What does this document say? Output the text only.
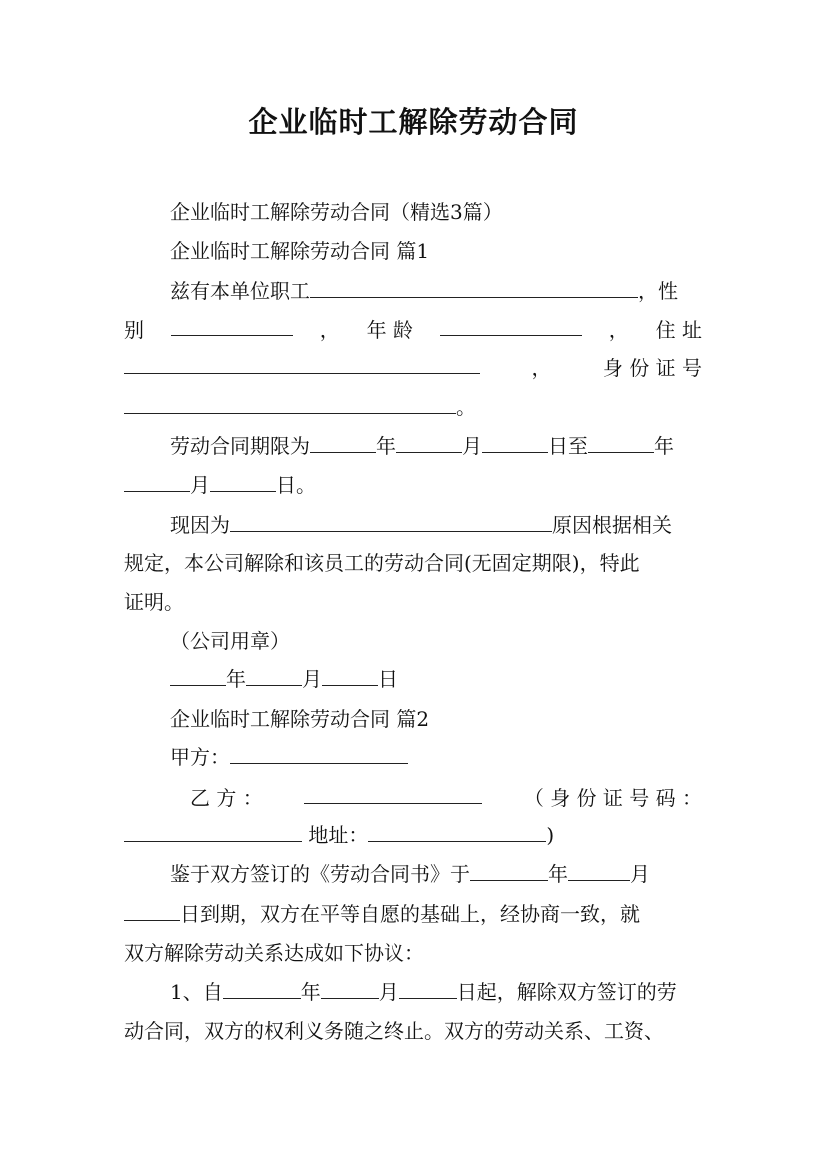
企业临时工解除劳动合同
企业临时工解除劳动合同（精选3篇）
企业临时工解除劳动合同 篇1
兹有本单位职工	，性
别	， 年 龄	， 住 址
，	身 份 证 号
。
劳动合同期限为	年	月	日至	年
月	日。
现因为	原因根据相关
规定，本公司解除和该员工的劳动合同(无固定期限)，特此
证明。
（公司用章）
年	月	日
企业临时工解除劳动合同 篇2
甲方：
乙 方 ：	（ 身 份 证 号 码 ：
地址：	)
鉴于双方签订的《劳动合同书》于	年	月
日到期，双方在平等自愿的基础上，经协商一致，就
双方解除劳动关系达成如下协议：
1、自	年	月	日起，解除双方签订的劳
动合同，双方的权利义务随之终止。双方的劳动关系、工资、
